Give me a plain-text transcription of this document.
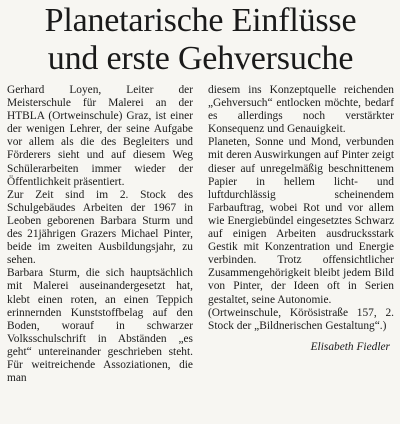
Planetarische Einflüsse
und erste Gehversuche

Gerhard Loyen, Leiter der Meisterschule für Malerei an der HTBLA (Ortweinschule) Graz, ist einer der wenigen Lehrer, der seine Aufgabe vor allem als die des Begleiters und Förderers sieht und auf diesem Weg Schülerarbeiten immer wieder der Öffentlichkeit präsentiert.

Zur Zeit sind im 2. Stock des Schulgebäudes Arbeiten der 1967 in Leoben geborenen Barbara Sturm und des 21jährigen Grazers Michael Pinter, beide im zweiten Ausbildungsjahr, zu sehen.

Barbara Sturm, die sich hauptsächlich mit Malerei auseinandergesetzt hat, klebt einen roten, an einen Teppich erinnernden Kunststoffbelag auf den Boden, worauf in schwarzer Volksschulschrift in Abständen „es geht“ untereinander geschrieben steht. Für weitreichende Assoziationen, die man

diesem ins Konzeptquelle reichenden „Gehversuch“ entlocken möchte, bedarf es allerdings noch verstärkter Konsequenz und Genauigkeit.

Planeten, Sonne und Mond, verbunden mit deren Auswirkungen auf Pinter zeigt dieser auf unregelmäßig beschnittenem Papier in hellem licht- und luftdurchlässig scheinendem Farbauftrag, wobei Rot und vor allem wie Energiebündel eingesetztes Schwarz auf einigen Arbeiten ausdrucksstark Gestik mit Konzentration und Energie verbinden. Trotz offensichtlicher Zusammengehörigkeit bleibt jedem Bild von Pinter, der Ideen oft in Serien gestaltet, seine Autonomie.

(Ortweinschule, Körösistraße 157, 2. Stock der „Bildnerischen Gestaltung“.)

Elisabeth Fiedler
